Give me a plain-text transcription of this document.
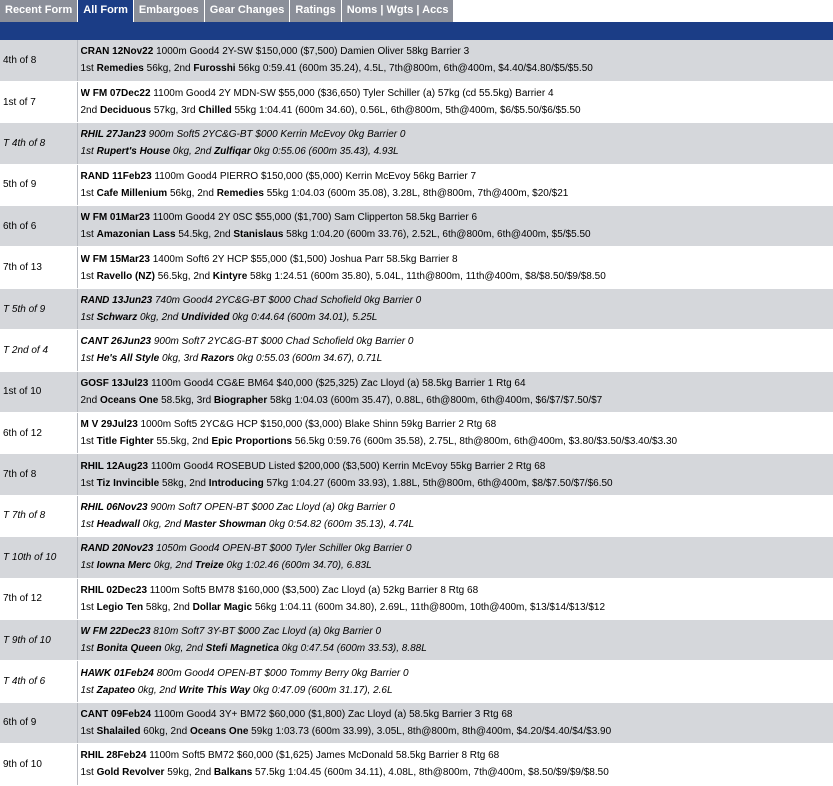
Recent Form	All Form	Embargoes	Gear Changes	Ratings	Noms | Wgts | Accs
4th of 8	CRAN 12Nov22 1000m Good4 2Y-SW $150,000 ($7,500) Damien Oliver 58kg Barrier 3
1st Remedies 56kg, 2nd Furosshi 56kg 0:59.41 (600m 35.24), 4.5L, 7th@800m, 6th@400m, $4.40/$4.80/$5/$5.50

1st of 7	W FM 07Dec22 1100m Good4 2Y MDN-SW $55,000 ($36,650) Tyler Schiller (a) 57kg (cd 55.5kg) Barrier 4
2nd Deciduous 57kg, 3rd Chilled 55kg 1:04.41 (600m 34.60), 0.56L, 6th@800m, 5th@400m, $6/$5.50/$6/$5.50

T 4th of 8	RHIL 27Jan23 900m Soft5 2YC&G-BT $000 Kerrin McEvoy 0kg Barrier 0
1st Rupert's House 0kg, 2nd Zulfiqar 0kg 0:55.06 (600m 35.43), 4.93L

5th of 9	RAND 11Feb23 1100m Good4 PIERRO $150,000 ($5,000) Kerrin McEvoy 56kg Barrier 7
1st Cafe Millenium 56kg, 2nd Remedies 55kg 1:04.03 (600m 35.08), 3.28L, 8th@800m, 7th@400m, $20/$21

6th of 6	W FM 01Mar23 1100m Good4 2Y 0SC $55,000 ($1,700) Sam Clipperton 58.5kg Barrier 6
1st Amazonian Lass 54.5kg, 2nd Stanislaus 58kg 1:04.20 (600m 33.76), 2.52L, 6th@800m, 6th@400m, $5/$5.50

7th of 13	W FM 15Mar23 1400m Soft6 2Y HCP $55,000 ($1,500) Joshua Parr 58.5kg Barrier 8
1st Ravello (NZ) 56.5kg, 2nd Kintyre 58kg 1:24.51 (600m 35.80), 5.04L, 11th@800m, 11th@400m, $8/$8.50/$9/$8.50

T 5th of 9	RAND 13Jun23 740m Good4 2YC&G-BT $000 Chad Schofield 0kg Barrier 0
1st Schwarz 0kg, 2nd Undivided 0kg 0:44.64 (600m 34.01), 5.25L

T 2nd of 4	CANT 26Jun23 900m Soft7 2YC&G-BT $000 Chad Schofield 0kg Barrier 0
1st He's All Style 0kg, 3rd Razors 0kg 0:55.03 (600m 34.67), 0.71L

1st of 10	GOSF 13Jul23 1100m Good4 CG&E BM64 $40,000 ($25,325) Zac Lloyd (a) 58.5kg Barrier 1 Rtg 64
2nd Oceans One 58.5kg, 3rd Biographer 58kg 1:04.03 (600m 35.47), 0.88L, 6th@800m, 6th@400m, $6/$7/$7.50/$7

6th of 12	M V 29Jul23 1000m Soft5 2YC&G HCP $150,000 ($3,000) Blake Shinn 59kg Barrier 2 Rtg 68
1st Title Fighter 55.5kg, 2nd Epic Proportions 56.5kg 0:59.76 (600m 35.58), 2.75L, 8th@800m, 6th@400m, $3.80/$3.50/$3.40/$3.30

7th of 8	RHIL 12Aug23 1100m Good4 ROSEBUD Listed $200,000 ($3,500) Kerrin McEvoy 55kg Barrier 2 Rtg 68
1st Tiz Invincible 58kg, 2nd Introducing 57kg 1:04.27 (600m 33.93), 1.88L, 5th@800m, 6th@400m, $8/$7.50/$7/$6.50

T 7th of 8	RHIL 06Nov23 900m Soft7 OPEN-BT $000 Zac Lloyd (a) 0kg Barrier 0
1st Headwall 0kg, 2nd Master Showman 0kg 0:54.82 (600m 35.13), 4.74L

T 10th of 10	RAND 20Nov23 1050m Good4 OPEN-BT $000 Tyler Schiller 0kg Barrier 0
1st Iowna Merc 0kg, 2nd Treize 0kg 1:02.46 (600m 34.70), 6.83L

7th of 12	RHIL 02Dec23 1100m Soft5 BM78 $160,000 ($3,500) Zac Lloyd (a) 52kg Barrier 8 Rtg 68
1st Legio Ten 58kg, 2nd Dollar Magic 56kg 1:04.11 (600m 34.80), 2.69L, 11th@800m, 10th@400m, $13/$14/$13/$12

T 9th of 10	W FM 22Dec23 810m Soft7 3Y-BT $000 Zac Lloyd (a) 0kg Barrier 0
1st Bonita Queen 0kg, 2nd Stefi Magnetica 0kg 0:47.54 (600m 33.53), 8.88L

T 4th of 6	HAWK 01Feb24 800m Good4 OPEN-BT $000 Tommy Berry 0kg Barrier 0
1st Zapateo 0kg, 2nd Write This Way 0kg 0:47.09 (600m 31.17), 2.6L

6th of 9	CANT 09Feb24 1100m Good4 3Y+ BM72 $60,000 ($1,800) Zac Lloyd (a) 58.5kg Barrier 3 Rtg 68
1st Shalailed 60kg, 2nd Oceans One 59kg 1:03.73 (600m 33.99), 3.05L, 8th@800m, 8th@400m, $4.20/$4.40/$4/$3.90

9th of 10	RHIL 28Feb24 1100m Soft5 BM72 $60,000 ($1,625) James McDonald 58.5kg Barrier 8 Rtg 68
1st Gold Revolver 59kg, 2nd Balkans 57.5kg 1:04.45 (600m 34.11), 4.08L, 8th@800m, 7th@400m, $8.50/$9/$9/$8.50
